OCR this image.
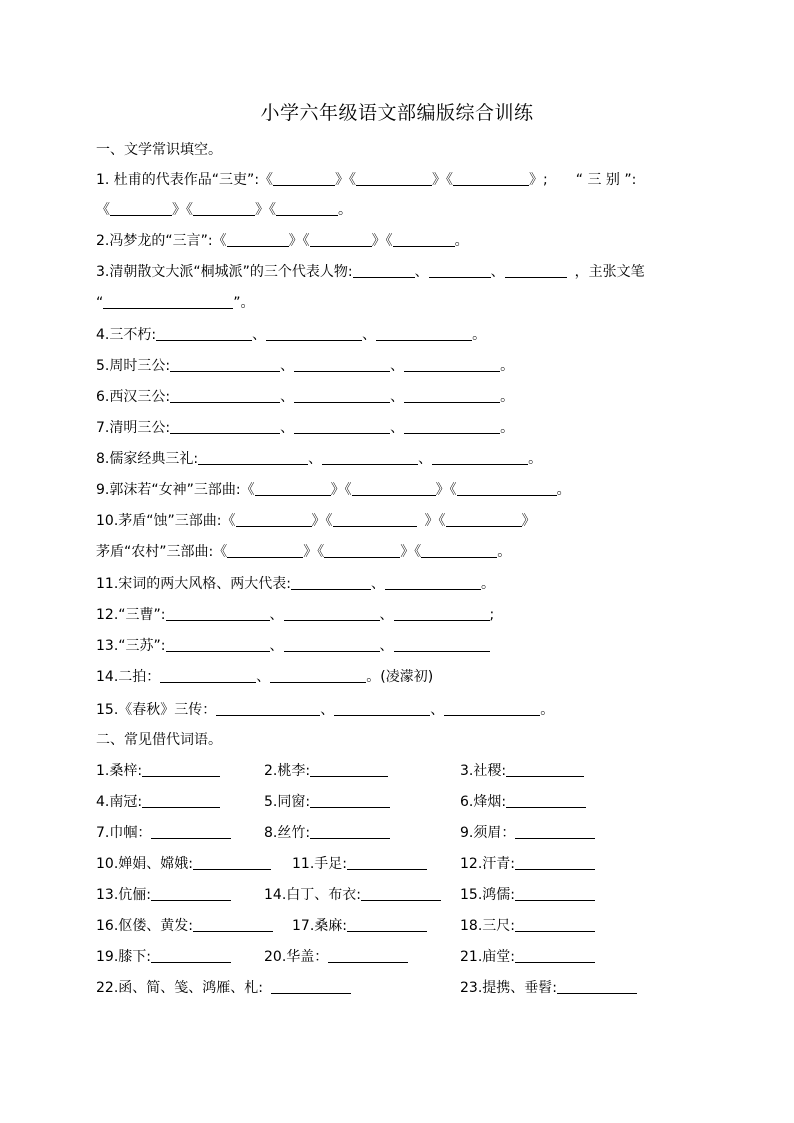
小学六年级语文部编版综合训练
一、文学常识填空。
1. 杜甫的代表作品“三吏”:《	》《	》《	》; “ 三 别 ”:
《	》《	》《	。
2.冯梦龙的“三言”:《	》《	》《	。
3.清朝散文大派“桐城派”的三个代表人物:	、	、	，主张文笔
“	”。
4.三不朽:	、	、	。
5.周时三公:	、	、	。
6.西汉三公:	、	、	。
7.清明三公:	、	、	。
8.儒家经典三礼:	、	、	。
9.郭沫若“女神”三部曲:《	》《	》《	。
10.茅盾“蚀”三部曲:《	》《	》《	》
茅盾“农村”三部曲:《	》《	》《	。
11.宋词的两大风格、两大代表:	、	。
12.“三曹”:	、	、	;
13.“三苏”:	、	、
14.二拍：	、	。(凌濛初)
15.《春秋》三传：	、	、	。
二、常见借代词语。
1.桑梓:	2.桃李:	3.社稷:
4.南冠:	5.同窗:	6.烽烟:
7.巾帼：	8.丝竹:	9.须眉：
10.婵娟、嫦娥:	11.手足:	12.汗青:
13.伉俪:	14.白丁、布衣:	15.鸿儒:
16.伛偻、黄发:	17.桑麻:	18.三尺:
19.膝下:	20.华盖：	21.庙堂:
22.函、简、笺、鸿雁、札:	23.提携、垂髫:
